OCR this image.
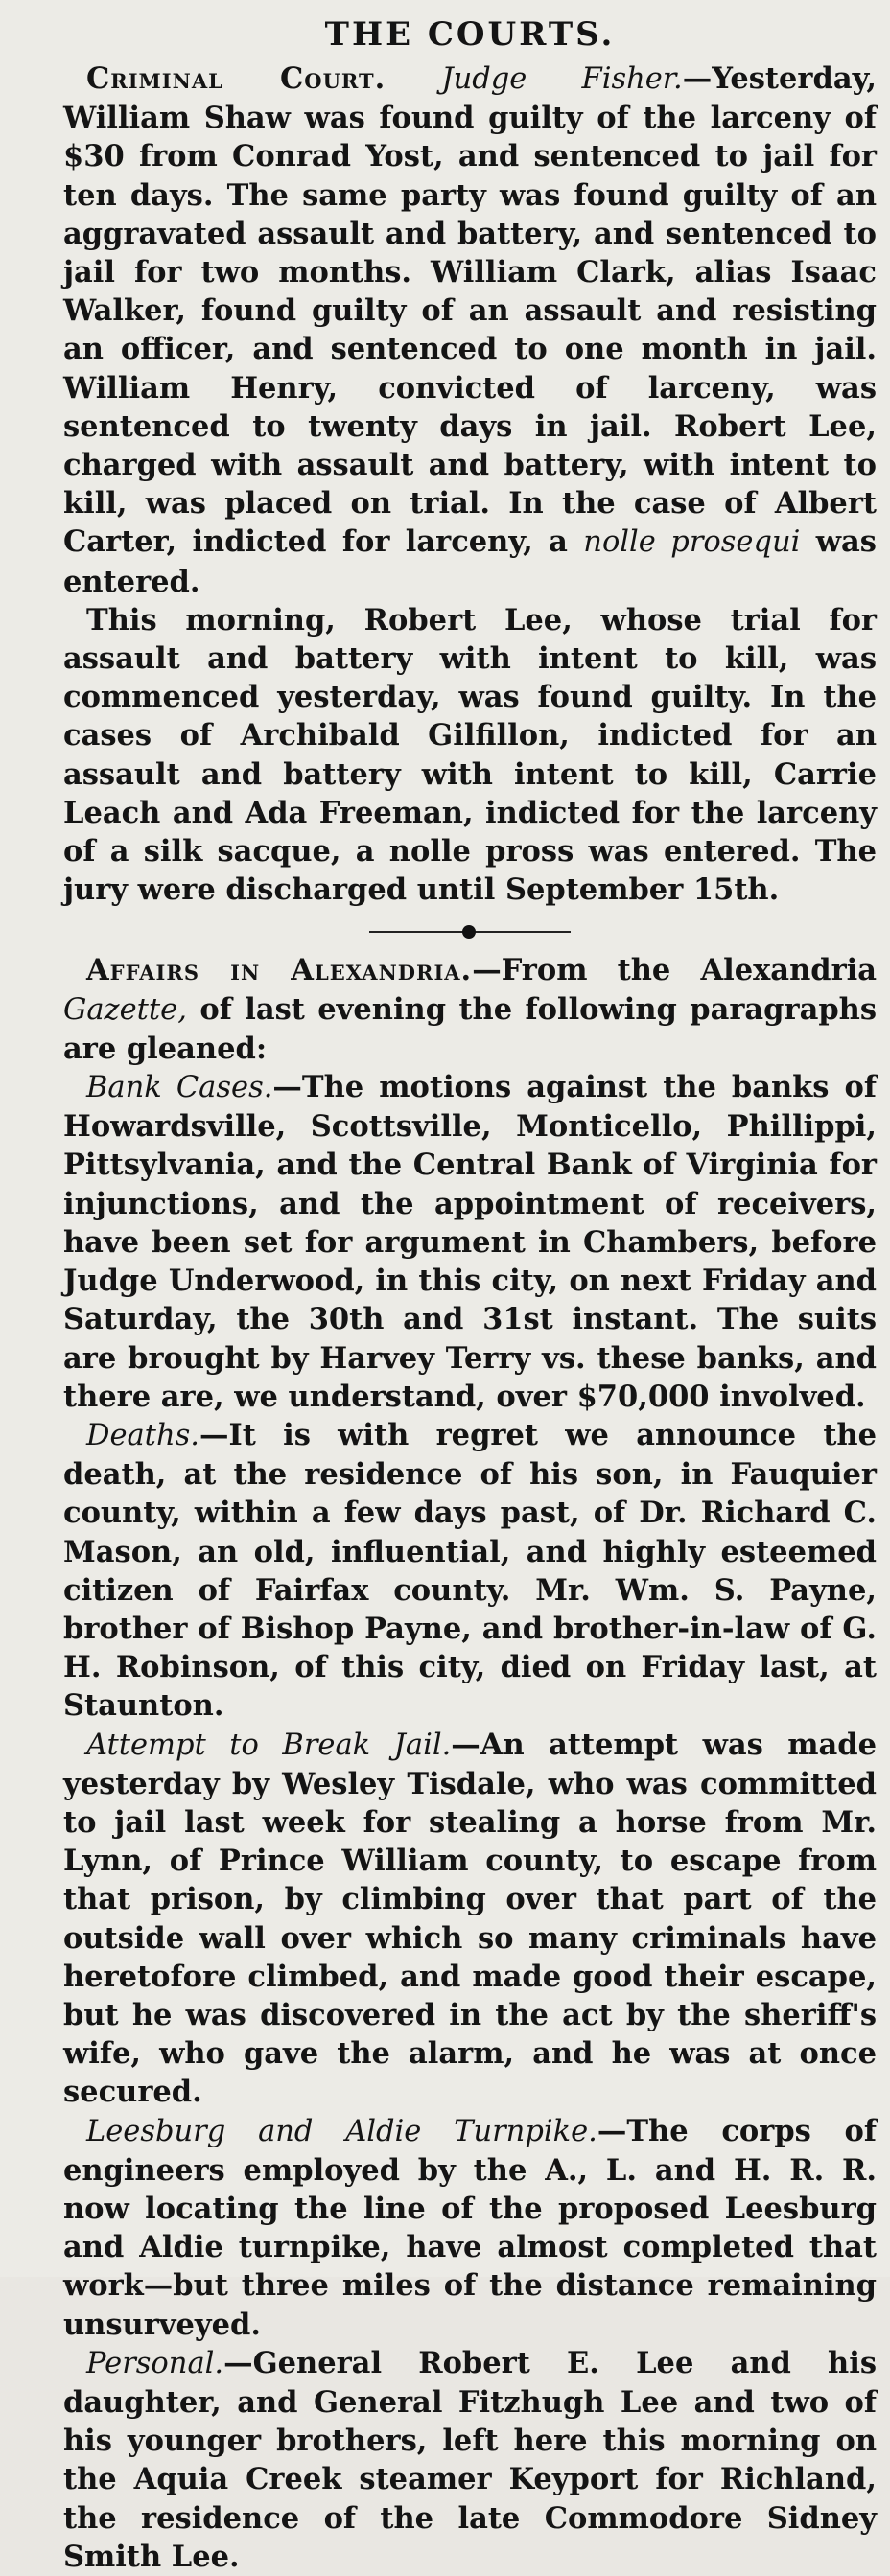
THE COURTS.

Criminal Court. Judge Fisher.—Yesterday, William Shaw was found guilty of the larceny of $30 from Conrad Yost, and sentenced to jail for ten days. The same party was found guilty of an aggravated assault and battery, and sentenced to jail for two months. William Clark, alias Isaac Walker, found guilty of an assault and resisting an officer, and sentenced to one month in jail. William Henry, convicted of larceny, was sentenced to twenty days in jail. Robert Lee, charged with assault and battery, with intent to kill, was placed on trial. In the case of Albert Carter, indicted for larceny, a nolle prosequi was entered.

This morning, Robert Lee, whose trial for assault and battery with intent to kill, was commenced yesterday, was found guilty. In the cases of Archibald Gilfillon, indicted for an assault and battery with intent to kill, Carrie Leach and Ada Freeman, indicted for the larceny of a silk sacque, a nolle pross was entered. The jury were discharged until September 15th.

Affairs in Alexandria.—From the Alexandria Gazette, of last evening the following paragraphs are gleaned:

Bank Cases.—The motions against the banks of Howardsville, Scottsville, Monticello, Phillippi, Pittsylvania, and the Central Bank of Virginia for injunctions, and the appointment of receivers, have been set for argument in Chambers, before Judge Underwood, in this city, on next Friday and Saturday, the 30th and 31st instant. The suits are brought by Harvey Terry vs. these banks, and there are, we understand, over $70,000 involved.

Deaths.—It is with regret we announce the death, at the residence of his son, in Fauquier county, within a few days past, of Dr. Richard C. Mason, an old, influential, and highly esteemed citizen of Fairfax county. Mr. Wm. S. Payne, brother of Bishop Payne, and brother-in-law of G. H. Robinson, of this city, died on Friday last, at Staunton.

Attempt to Break Jail.—An attempt was made yesterday by Wesley Tisdale, who was committed to jail last week for stealing a horse from Mr. Lynn, of Prince William county, to escape from that prison, by climbing over that part of the outside wall over which so many criminals have heretofore climbed, and made good their escape, but he was discovered in the act by the sheriff's wife, who gave the alarm, and he was at once secured.

Leesburg and Aldie Turnpike.—The corps of engineers employed by the A., L. and H. R. R. now locating the line of the proposed Leesburg and Aldie turnpike, have almost completed that work—but three miles of the distance remaining unsurveyed.

Personal.—General Robert E. Lee and his daughter, and General Fitzhugh Lee and two of his younger brothers, left here this morning on the Aquia Creek steamer Keyport for Richland, the residence of the late Commodore Sidney Smith Lee.
